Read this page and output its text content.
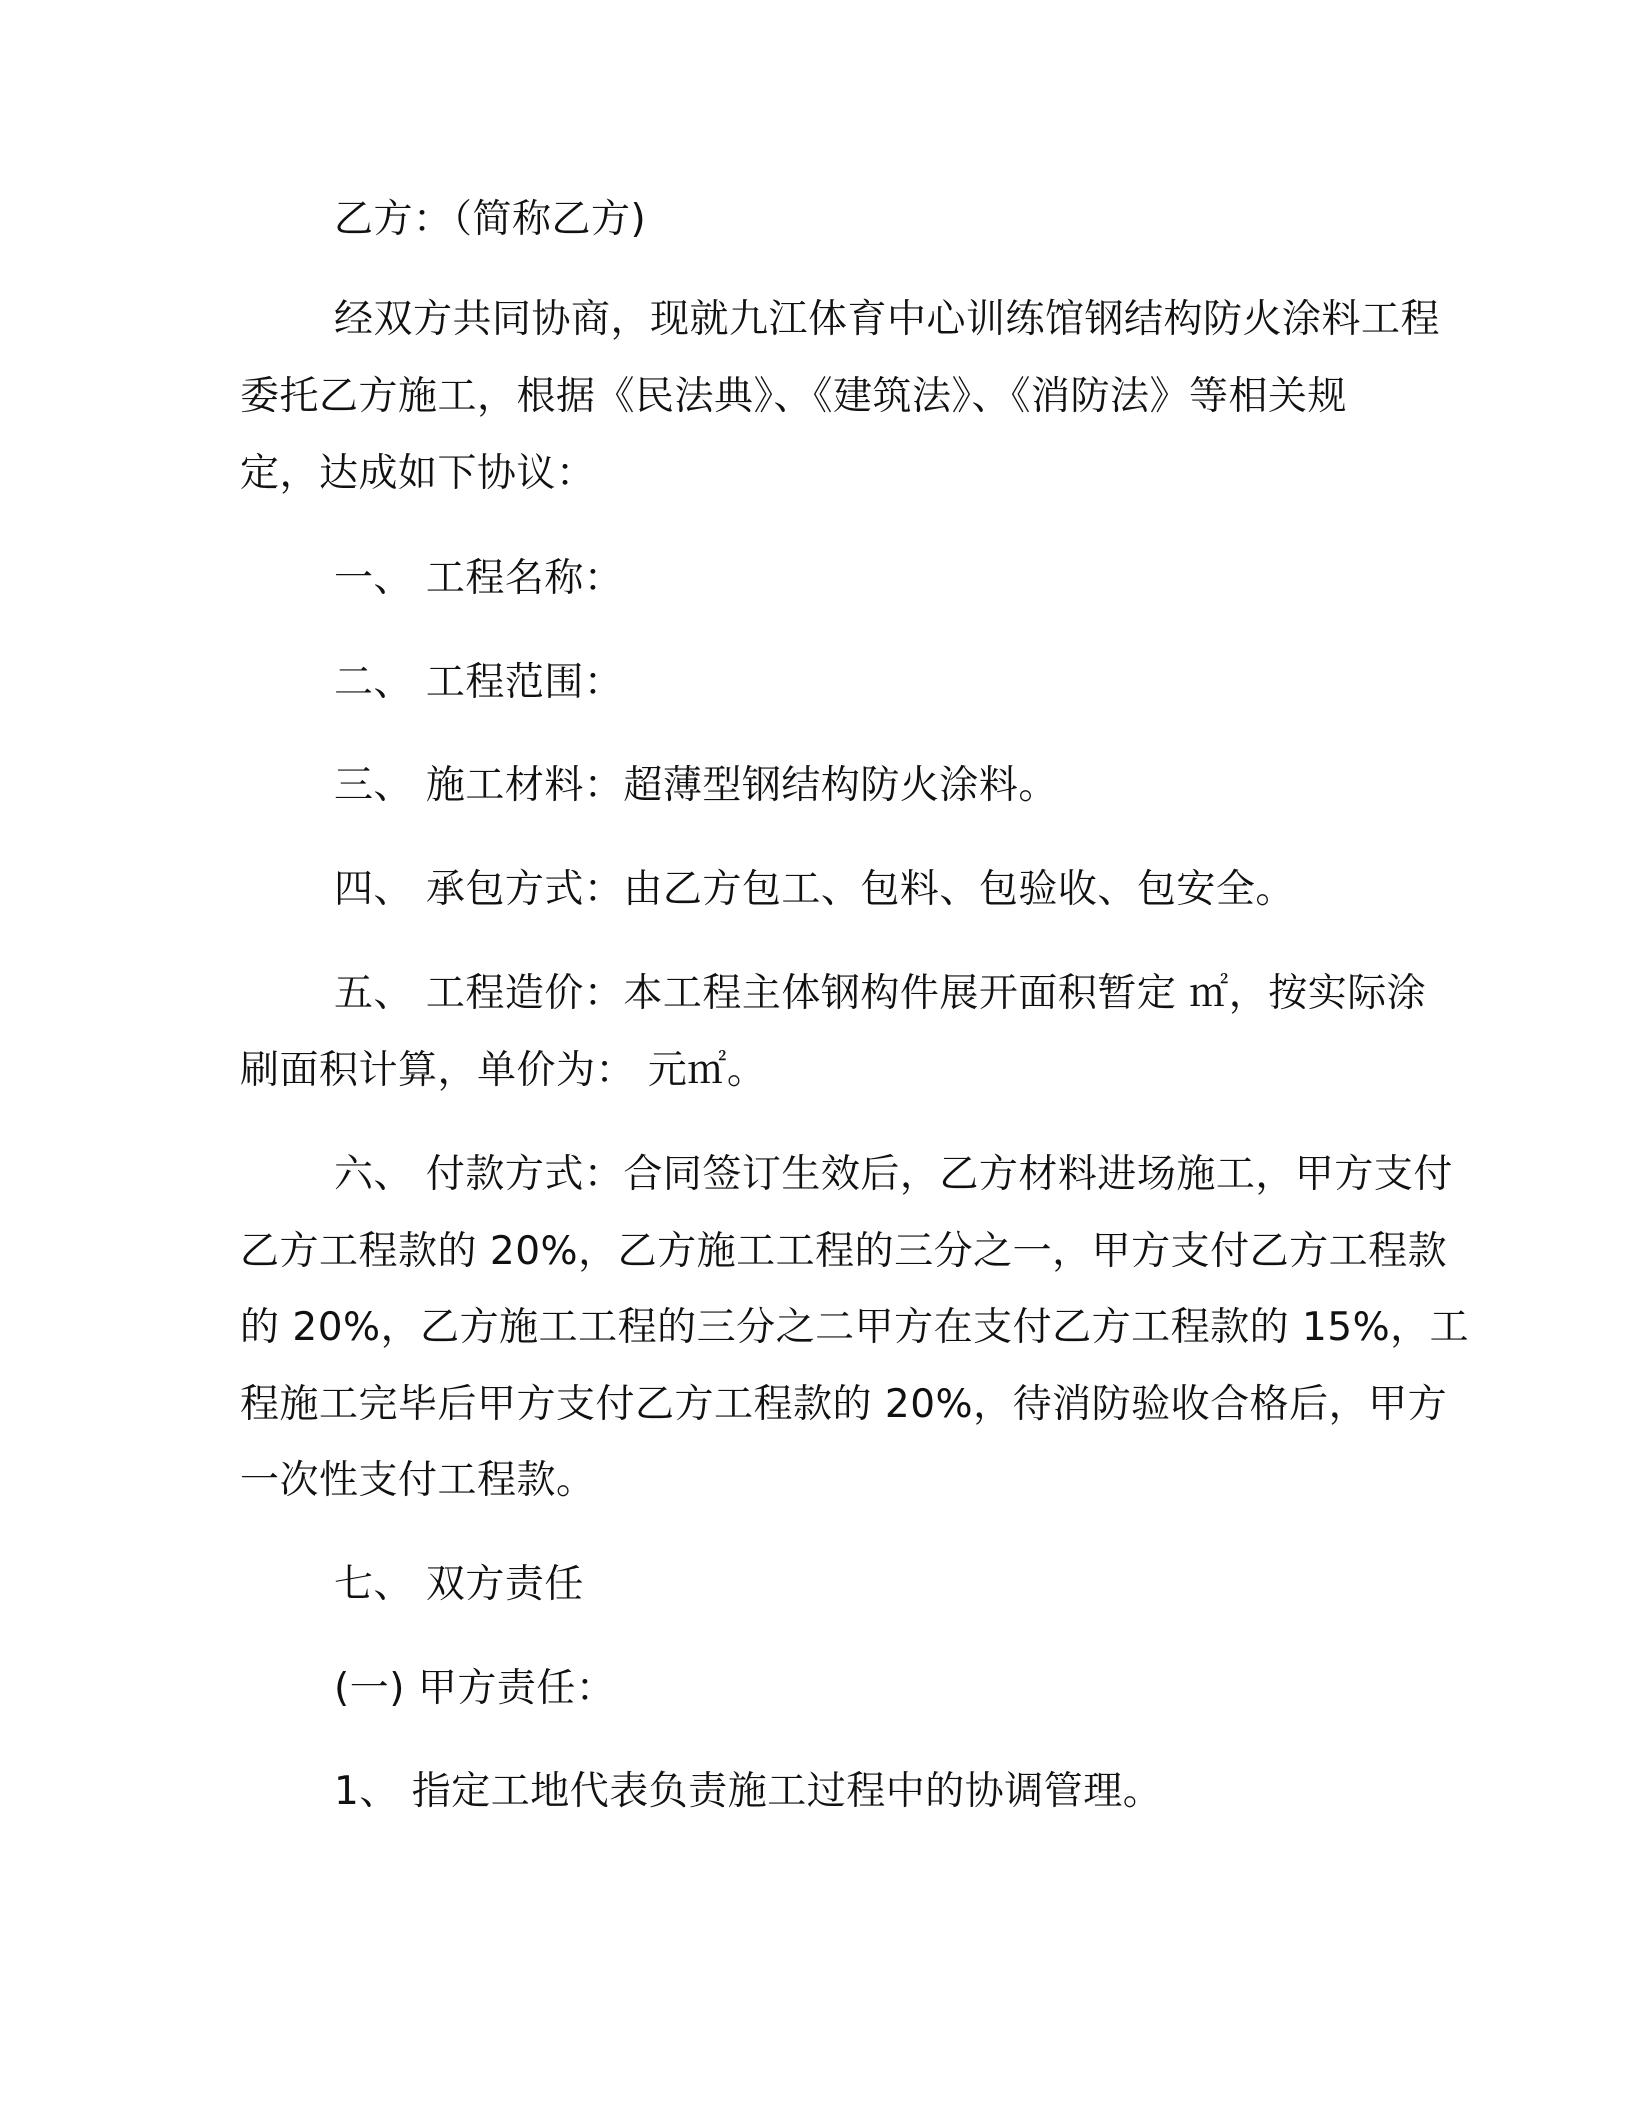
乙方：（简称乙方)
经双方共同协商，现就九江体育中心训练馆钢结构防火涂料工程
委托乙方施工，根据《民法典》、《建筑法》、《消防法》等相关规
定，达成如下协议：
一、 工程名称：
二、 工程范围：
三、 施工材料：超薄型钢结构防火涂料。
四、 承包方式：由乙方包工、包料、包验收、包安全。
五、 工程造价：本工程主体钢构件展开面积暂定 ㎡，按实际涂
刷面积计算，单价为： 元㎡。
六、 付款方式：合同签订生效后，乙方材料进场施工，甲方支付
乙方工程款的 20%，乙方施工工程的三分之一，甲方支付乙方工程款
的 20%，乙方施工工程的三分之二甲方在支付乙方工程款的 15%，工
程施工完毕后甲方支付乙方工程款的 20%，待消防验收合格后，甲方
一次性支付工程款。
七、 双方责任
(一) 甲方责任：
1、 指定工地代表负责施工过程中的协调管理。
